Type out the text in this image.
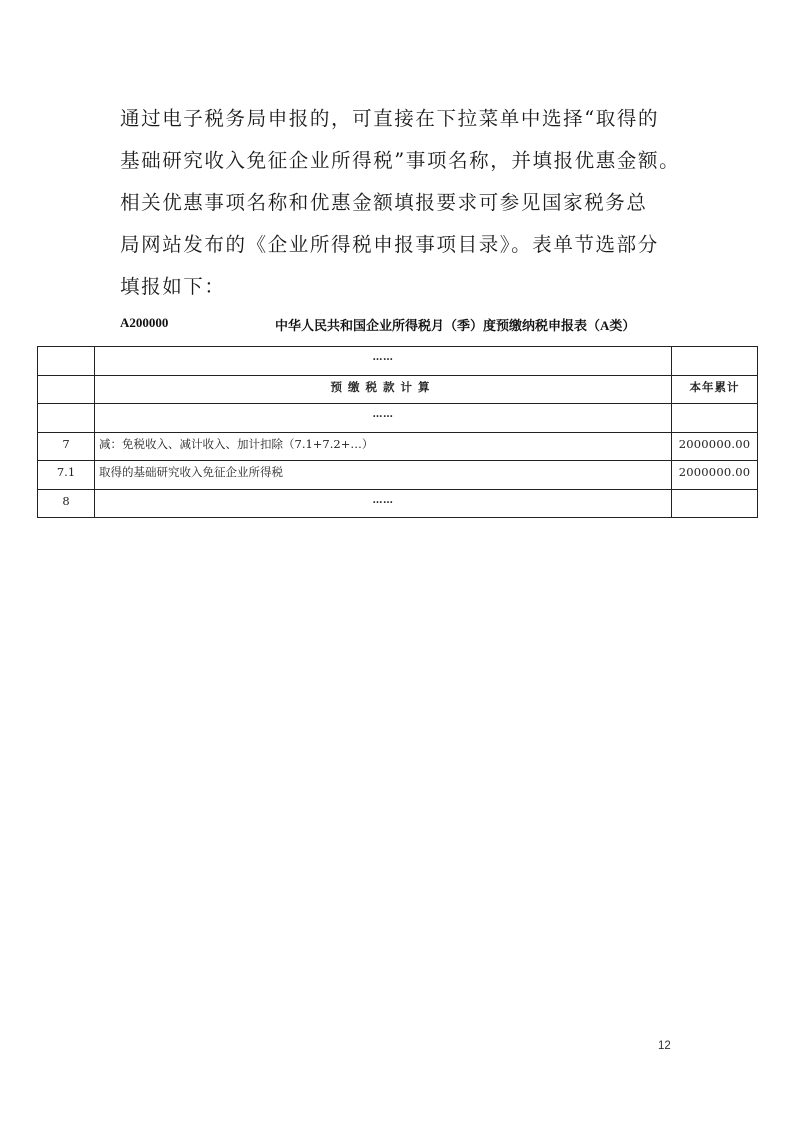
通过电子税务局申报的，可直接在下拉菜单中选择“取得的
基础研究收入免征企业所得税”事项名称，并填报优惠金额。
相关优惠事项名称和优惠金额填报要求可参见国家税务总
局网站发布的《企业所得税申报事项目录》。表单节选部分
填报如下：
A200000	中华人民共和国企业所得税月（季）度预缴纳税申报表（A类）
	……	
	预缴税款计算	本年累计
	……	
7	减：免税收入、减计收入、加计扣除（7.1+7.2+…）	2000000.00
7.1	取得的基础研究收入免征企业所得税	2000000.00
8	……	
12
